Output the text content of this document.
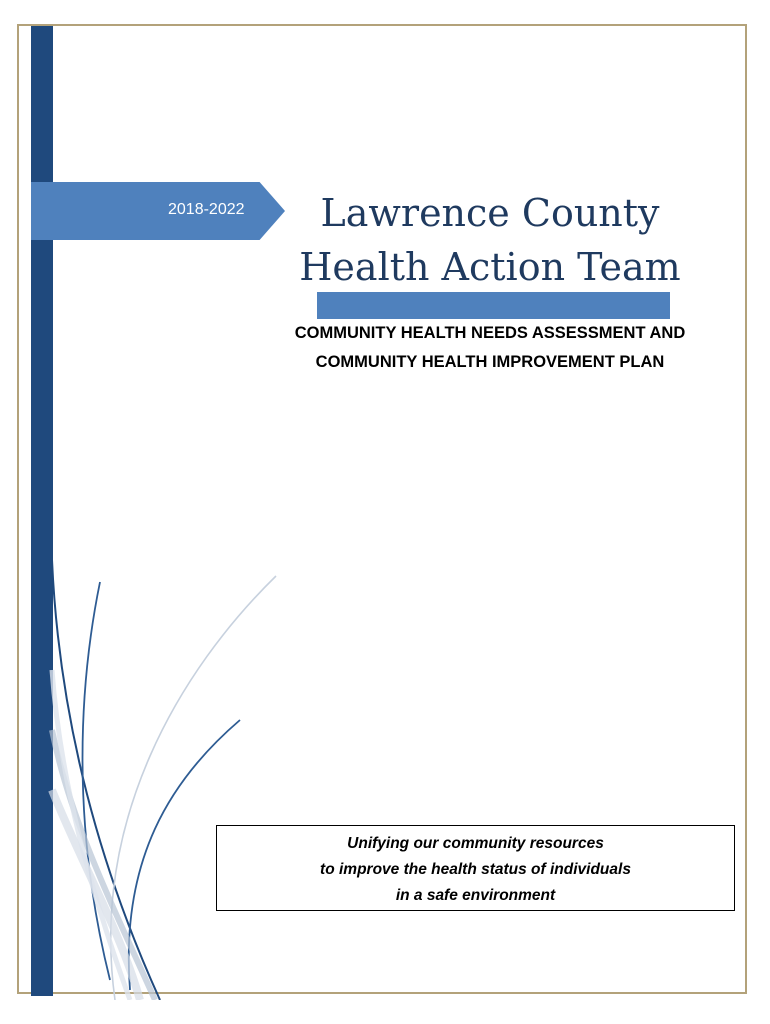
2018-2022	Lawrence County
Health Action Team
COMMUNITY HEALTH NEEDS ASSESSMENT AND
COMMUNITY HEALTH IMPROVEMENT PLAN
Unifying our community resources
to improve the health status of individuals
in a safe environment
